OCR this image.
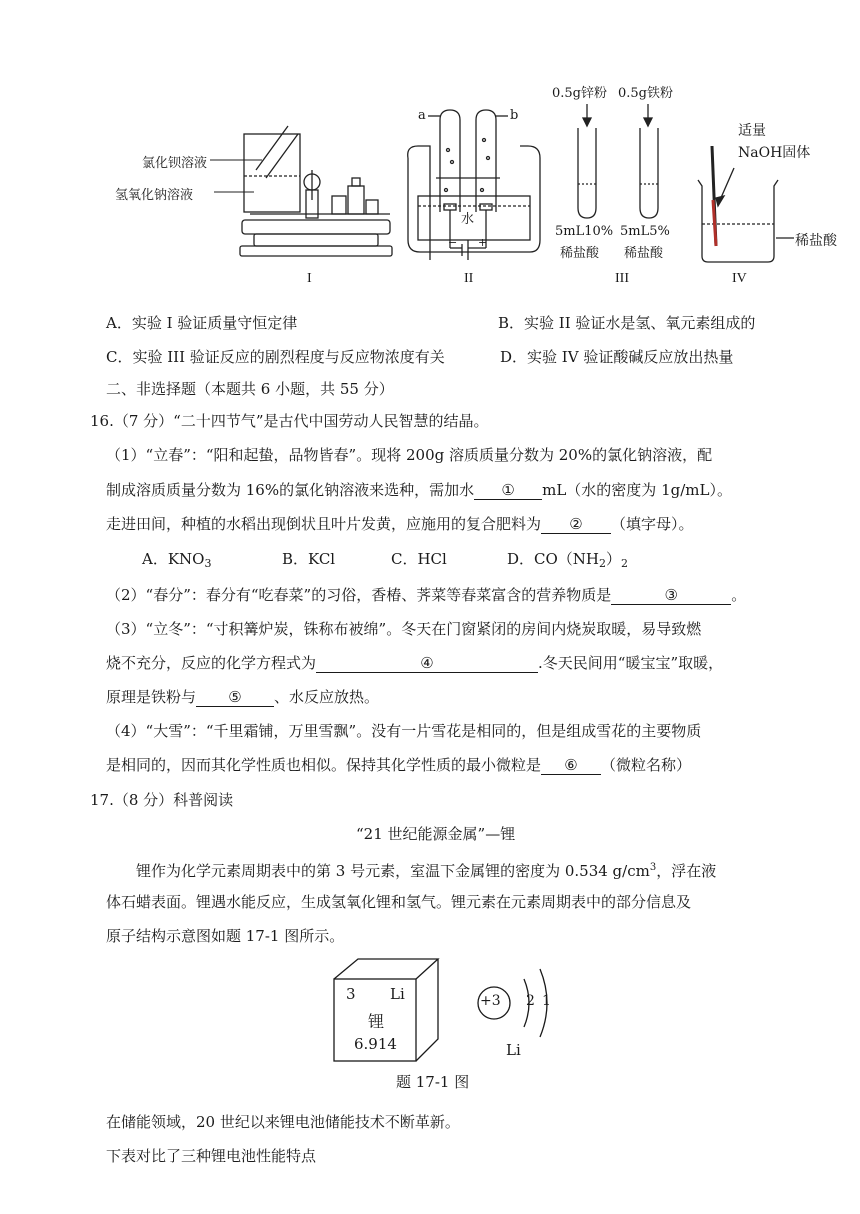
氯化钡溶液
氢氧化钠溶液
a	b
水
− +
0.5g锌粉 0.5g铁粉
5mL10%
稀盐酸
5mL5%
稀盐酸
适量
NaOH固体
稀盐酸
I	II	III	IV
A．实验 I 验证质量守恒定律	B．实验 II 验证水是氢、氧元素组成的
C．实验 III 验证反应的剧烈程度与反应物浓度有关	D．实验 IV 验证酸碱反应放出热量
二、非选择题（本题共 6 小题，共 55 分）
16.（7 分）“二十四节气”是古代中国劳动人民智慧的结晶。
（1）“立春”：“阳和起蛰，品物皆春”。现将 200g 溶质质量分数为 20%的氯化钠溶液，配
制成溶质质量分数为 16%的氯化钠溶液来选种，需加水 ① mL（水的密度为 1g/mL）。
走进田间，种植的水稻出现倒状且叶片发黄，应施用的复合肥料为 ② （填字母）。
A．$KNO_3$	B．KCl	C．HCl	D．$CO(NH_2)_2$
（2）“春分”：春分有“吃春菜”的习俗，香椿、荠菜等春菜富含的营养物质是	③	。
（3）“立冬”：“寸积篝炉炭，铢称布被绵”。冬天在门窗紧闭的房间内烧炭取暖，易导致燃
烧不充分，反应的化学方程式为	④	.冬天民间用“暖宝宝”取暖，
原理是铁粉与 ⑤ 、水反应放热。
（4）“大雪”：“千里霜铺，万里雪飘”。没有一片雪花是相同的，但是组成雪花的主要物质
是相同的，因而其化学性质也相似。保持其化学性质的最小微粒是 ⑥ （微粒名称）
17.（8 分）科普阅读
“21 世纪能源金属”—锂
锂作为化学元素周期表中的第 3 号元素，室温下金属锂的密度为 0.534 $g/cm^3$，浮在液
体石蜡表面。锂遇水能反应，生成氢氧化锂和氢气。锂元素在元素周期表中的部分信息及
原子结构示意图如题 17-1 图所示。
3 Li
锂
6.914
+3 2 1
Li
题 17-1 图
在储能领域，20 世纪以来锂电池储能技术不断革新。
下表对比了三种锂电池性能特点
